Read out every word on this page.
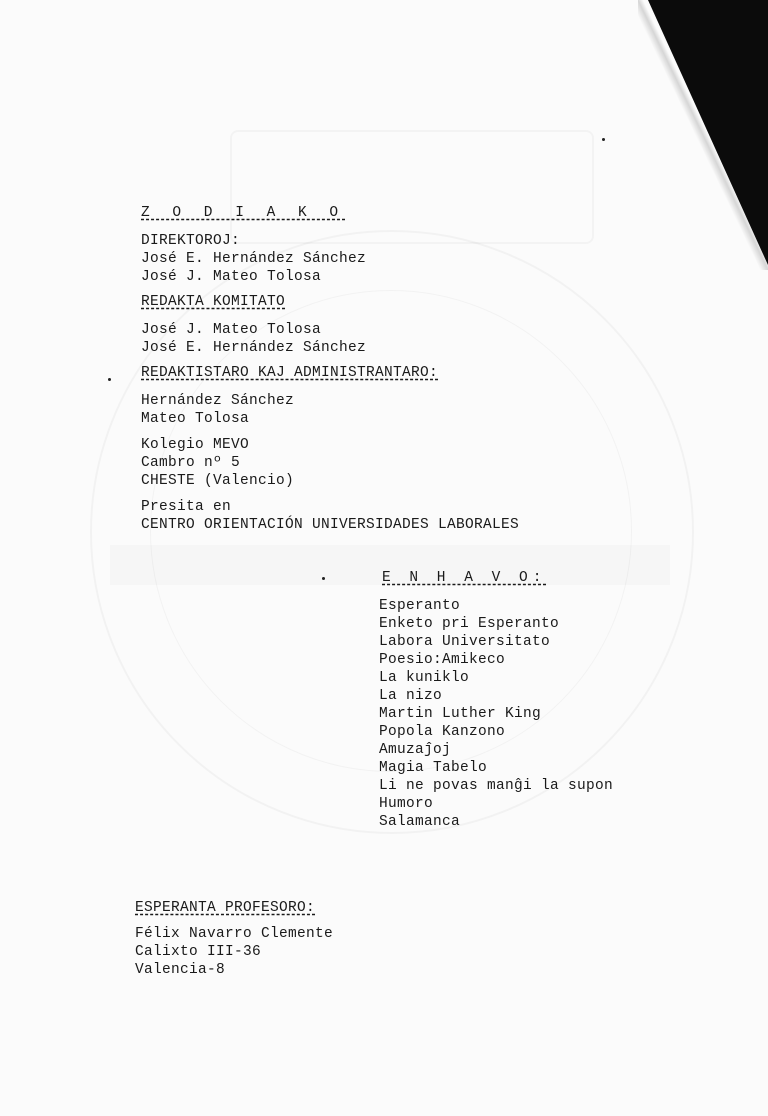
Z O D I A K O
DIREKTOROJ:
José E. Hernández Sánchez
José J. Mateo Tolosa
REDAKTA KOMITATO
José J. Mateo Tolosa
José E. Hernández Sánchez
REDAKTISTARO KAJ ADMINISTRANTARO:
Hernández Sánchez
Mateo Tolosa
Kolegio MEVO
Cambro nº 5
CHESTE (Valencio)
Presita en
CENTRO ORIENTACIÓN UNIVERSIDADES LABORALES
E N H A V O:
Esperanto
Enketo pri Esperanto
Labora Universitato
Poesio:Amikeco
La kuniklo
La nizo
Martin Luther King
Popola Kanzono
Amuzaĵoj
Magia Tabelo
Li ne povas manĝi la supon
Humoro
Salamanca
ESPERANTA PROFESORO:
Félix Navarro Clemente
Calixto III-36
Valencia-8
